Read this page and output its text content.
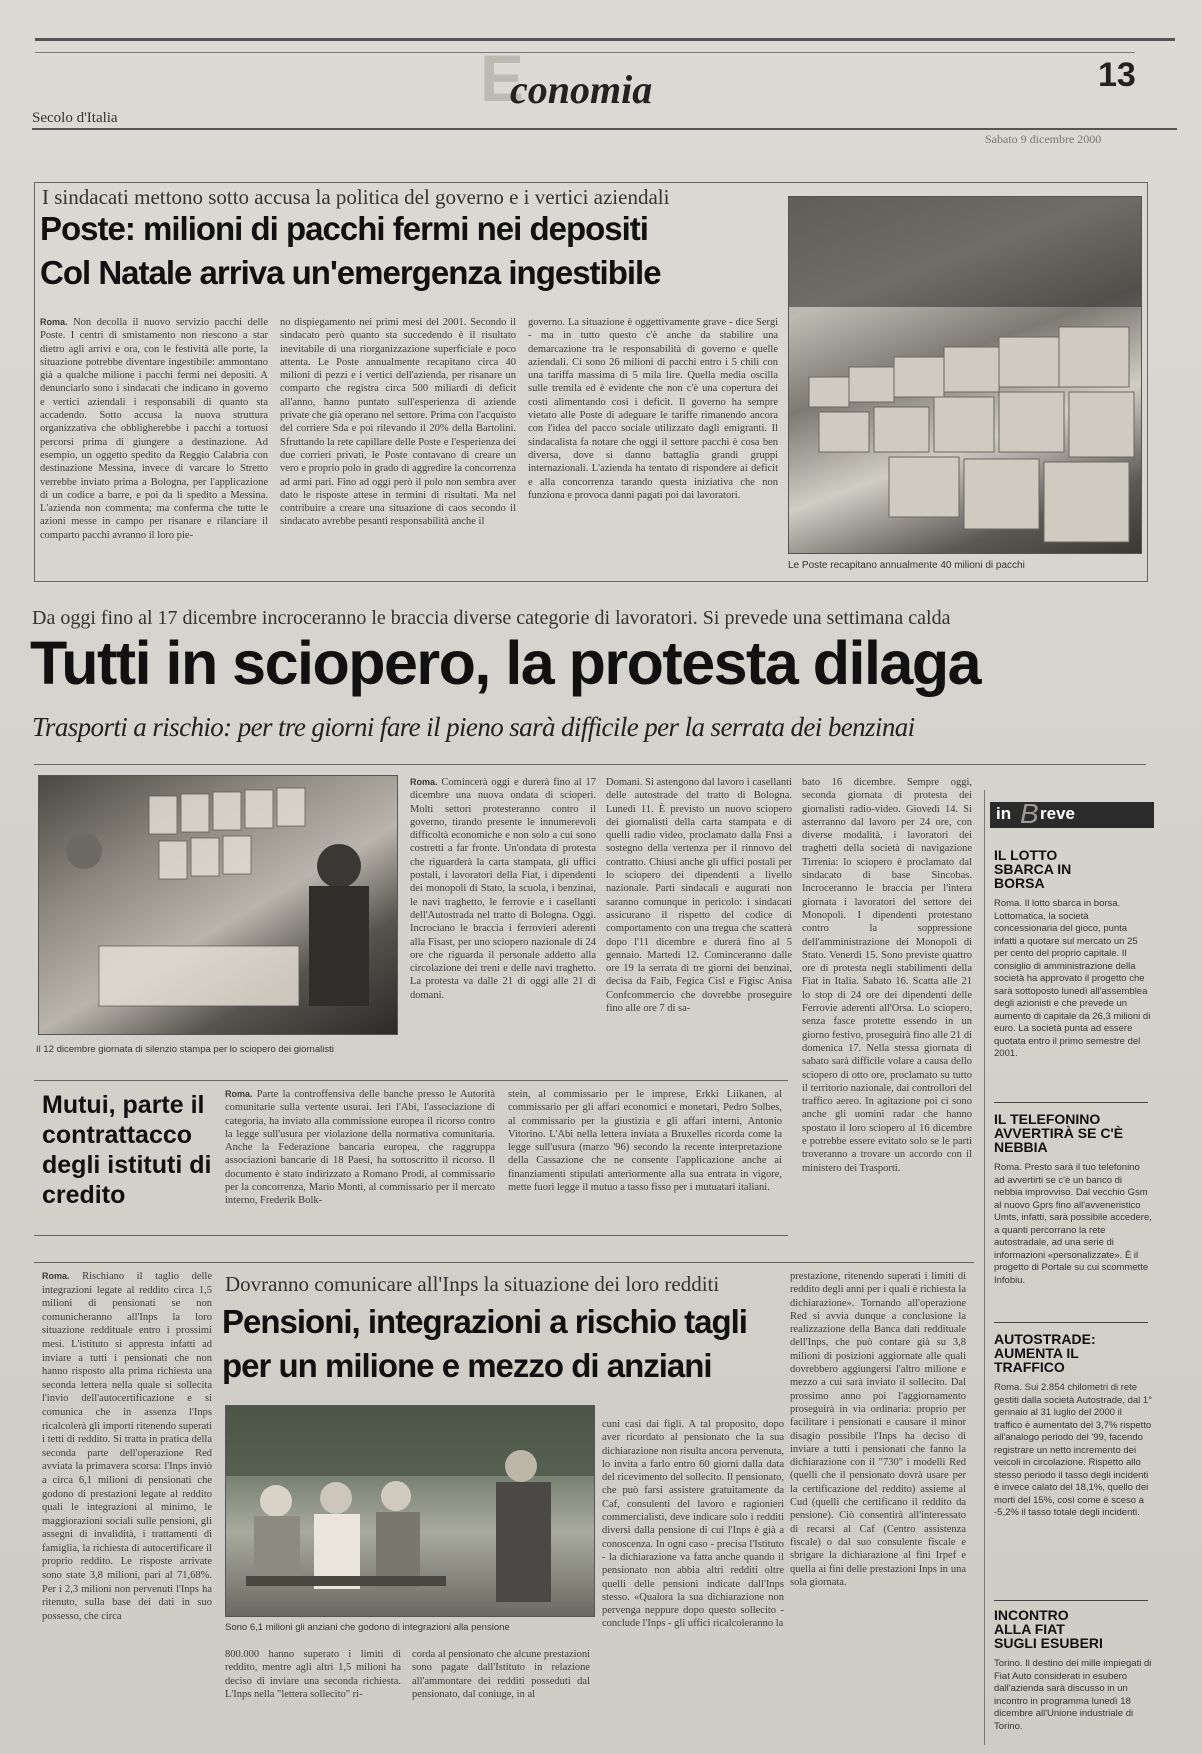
Economia	13
Secolo d'Italia
Sabato 9 dicembre 2000
I sindacati mettono sotto accusa la politica del governo e i vertici aziendali
Poste: milioni di pacchi fermi nei depositi
Col Natale arriva un'emergenza ingestibile
Roma. Non decolla il nuovo servizio pacchi delle Poste. I centri di smistamento non riescono a star dietro agli arrivi e ora, con le festività alle porte, la situazione potrebbe diventare ingestibile: ammontano già a qualche milione i pacchi fermi nei depositi. A denunciarlo sono i sindacati che indicano in governo e vertici aziendali i responsabili di quanto sta accadendo. Sotto accusa la nuova struttura organizzativa che obbligherebbe i pacchi a tortuosi percorsi prima di giungere a destinazione. Ad esempio, un oggetto spedito da Reggio Calabria con destinazione Messina, invece di varcare lo Stretto verrebbe inviato prima a Bologna, per l'applicazione di un codice a barre, e poi da lì spedito a Messina. L'azienda non commenta; ma conferma che tutte le azioni messe in campo per risanare e rilanciare il comparto pacchi avranno il loro pie-
no dispiegamento nei primi mesi del 2001. Secondo il sindacato però quanto sta succedendo è il risultato inevitabile di una riorganizzazione superficiale e poco attenta. Le Poste annualmente recapitano circa 40 milioni di pezzi e i vertici dell'azienda, per risanare un comparto che registra circa 500 miliardi di deficit all'anno, hanno puntato sull'esperienza di aziende private che già operano nel settore. Prima con l'acquisto del corriere Sda e poi rilevando il 20% della Bartolini. Sfruttando la rete capillare delle Poste e l'esperienza dei due corrieri privati, le Poste contavano di creare un vero e proprio polo in grado di aggredire la concorrenza ad armi pari. Fino ad oggi però il polo non sembra aver dato le risposte attese in termini di risultati. Ma nel contribuire a creare una situazione di caos secondo il sindacato avrebbe pesanti responsabilità anche il
governo. La situazione è oggettivamente grave - dice Sergi - ma in tutto questo c'è anche da stabilire una demarcazione tra le responsabilità di governo e quelle aziendali. Ci sono 26 milioni di pacchi entro i 5 chili con una tariffa massima di 5 mila lire. Quella media oscilla sulle tremila ed è evidente che non c'è una copertura dei costi alimentando così i deficit. Il governo ha sempre vietato alle Poste di adeguare le tariffe rimanendo ancora con l'idea del pacco sociale utilizzato dagli emigranti. Il sindacalista fa notare che oggi il settore pacchi è cosa ben diversa, dove si danno battaglia grandi gruppi internazionali. L'azienda ha tentato di rispondere ai deficit e alla concorrenza tarando questa iniziativa che non funziona e provoca danni pagati poi dai lavoratori.
Le Poste recapitano annualmente 40 milioni di pacchi
Da oggi fino al 17 dicembre incroceranno le braccia diverse categorie di lavoratori. Si prevede una settimana calda
Tutti in sciopero, la protesta dilaga
Trasporti a rischio: per tre giorni fare il pieno sarà difficile per la serrata dei benzinai
Il 12 dicembre giornata di silenzio stampa per lo sciopero dei giornalisti
Roma. Comincerà oggi e durerà fino al 17 dicembre una nuova ondata di scioperi. Molti settori protesteranno contro il governo, tirando presente le innumerevoli difficoltà economiche e non solo a cui sono costretti a far fronte. Un'ondata di protesta che riguarderà la carta stampata, gli uffici postali, i lavoratori della Fiat, i dipendenti dei monopoli di Stato, la scuola, i benzinai, le navi traghetto, le ferrovie e i casellanti dell'Autostrada nel tratto di Bologna. Oggi. Incrociano le braccia i ferrovieri aderenti alla Fisast, per uno sciopero nazionale di 24 ore che riguarda il personale addetto alla circolazione dei treni e delle navi traghetto. La protesta va dalle 21 di oggi alle 21 di domani.
Domani. Si astengono dal lavoro i casellanti delle autostrade del tratto di Bologna. Lunedì 11. È previsto un nuovo sciopero dei giornalisti della carta stampata e di quelli radio video, proclamato dalla Fnsi a sostegno della vertenza per il rinnovo del contratto. Chiusi anche gli uffici postali per lo sciopero dei dipendenti a livello nazionale. Parti sindacali e augurati non saranno comunque in pericolo: i sindacati assicurano il rispetto del codice di comportamento con una tregua che scatterà dopo l'11 dicembre e durerà fino al 5 gennaio. Martedì 12. Cominceranno dalle ore 19 la serrata di tre giorni dei benzinai, decisa da Faib, Fegica Cisl e Figisc Anisa Confcommercio che dovrebbe proseguire fino alle ore 7 di sa-
bato 16 dicembre. Sempre oggi, seconda giornata di protesta dei giornalisti radio-video. Giovedì 14. Si asterranno dal lavoro per 24 ore, con diverse modalità, i lavoratori dei traghetti della società di navigazione Tirrenia: lo sciopero è proclamato dal sindacato di base Sincobas. Incroceranno le braccia per l'intera giornata i lavoratori del settore dei Monopoli. I dipendenti protestano contro la soppressione dell'amministrazione dei Monopoli di Stato. Venerdì 15. Sono previste quattro ore di protesta negli stabilimenti della Fiat in Italia. Sabato 16. Scatta alle 21 lo stop di 24 ore dei dipendenti delle Ferrovie aderenti all'Orsa. Lo sciopero, senza fasce protette essendo in un giorno festivo, proseguirà fino alle 21 di domenica 17. Nella stessa giornata di sabato sarà difficile volare a causa dello sciopero di otto ore, proclamato su tutto il territorio nazionale, dai controllori del traffico aereo. In agitazione poi ci sono anche gli uomini radar che hanno spostato il loro sciopero al 16 dicembre e potrebbe essere evitato solo se le parti troveranno a trovare un accordo con il ministero dei Trasporti.
Mutui, parte il contrattacco degli istituti di credito
Roma. Parte la controffensiva delle banche presso le Autorità comunitarie sulla vertente usurai. Ieri l'Abi, l'associazione di categoria, ha inviato alla commissione europea il ricorso contro la legge sull'usura per violazione della normativa comunitaria. Anche la Federazione bancaria europea, che raggruppa associazioni bancarie di 18 Paesi, ha sottoscritto il ricorso. Il documento è stato indirizzato a Romano Prodi, al commissario per la concorrenza, Mario Monti, al commissario per il mercato interno, Frederik Bolk-
stein, al commissario per le imprese, Erkki Liikanen, al commissario per gli affari economici e monetari, Pedro Solbes, al commissario per la giustizia e gli affari interni, Antonio Vitorino. L'Abi nella lettera inviata a Bruxelles ricorda come la legge sull'usura (marzo '96) secondo la recente interpretazione della Cassazione che ne consente l'applicazione anche ai finanziamenti stipulati anteriormente alla sua entrata in vigore, mette fuori legge il mutuo a tasso fisso per i mutuatari italiani.
Roma. Rischiano il taglio delle integrazioni legate al reddito circa 1,5 milioni di pensionati se non comunicheranno all'Inps la loro situazione reddituale entro i prossimi mesi. L'istituto si appresta infatti ad inviare a tutti i pensionati che non hanno risposto alla prima richiesta una seconda lettera nella quale si sollecita l'invio dell'autocertificazione e si comunica che in assenza l'Inps ricalcolerà gli importi ritenendo superati i tetti di reddito. Si tratta in pratica della seconda parte dell'operazione Red avviata la primavera scorsa: l'Inps inviò a circa 6,1 milioni di pensionati che godono di prestazioni legate al reddito quali le integrazioni al minimo, le maggiorazioni sociali sulle pensioni, gli assegni di invalidità, i trattamenti di famiglia, la richiesta di autocertificare il proprio reddito. Le risposte arrivate sono state 3,8 milioni, pari al 71,68%. Per i 2,3 milioni non pervenuti l'Inps ha ritenuto, sulla base dei dati in suo possesso, che circa
Dovranno comunicare all'Inps la situazione dei loro redditi
Pensioni, integrazioni a rischio tagli per un milione e mezzo di anziani
Sono 6,1 milioni gli anziani che godono di integrazioni alla pensione
800.000 hanno superato i limiti di reddito, mentre agli altri 1,5 milioni ha deciso di inviare una seconda richiesta. L'Inps nella "lettera sollecito" ri-
corda al pensionato che alcune prestazioni sono pagate dall'Istituto in relazione all'ammontare dei redditi posseduti dal pensionato, dal coniuge, in al
cuni casi dai figli. A tal proposito, dopo aver ricordato al pensionato che la sua dichiarazione non risulta ancora pervenuta, lo invita a farlo entro 60 giorni dalla data del ricevimento del sollecito. Il pensionato, che può farsi assistere gratuitamente da Caf, consulenti del lavoro e ragionieri commercialisti, deve indicare solo i redditi diversi dalla pensione di cui l'Inps è già a conoscenza. In ogni caso - precisa l'Istituto - la dichiarazione va fatta anche quando il pensionato non abbia altri redditi oltre quelli delle pensioni indicate dall'Inps stesso. «Qualora la sua dichiarazione non pervenga neppure dopo questo sollecito - conclude l'Inps - gli uffici ricalcoleranno la
prestazione, ritenendo superati i limiti di reddito degli anni per i quali è richiesta la dichiarazione». Tornando all'operazione Red si avvia dunque a conclusione la realizzazione della Banca dati reddituale dell'Inps, che può contare già su 3,8 milioni di posizioni aggiornate alle quali dovrebbero aggiungersi l'altro milione e mezzo a cui sarà inviato il sollecito. Dal prossimo anno poi l'aggiornamento proseguirà in via ordinaria: proprio per facilitare i pensionati e causare il minor disagio possibile l'Inps ha deciso di inviare a tutti i pensionati che fanno la dichiarazione con il "730" i modelli Red (quelli che il pensionato dovrà usare per la certificazione del reddito) assieme al Cud (quelli che certificano il reddito da pensione). Ciò consentirà all'interessato di recarsi al Caf (Centro assistenza fiscale) o dal suo consulente fiscale e sbrigare la dichiarazione al fini Irpef e quella ai fini delle prestazioni Inps in una sola giornata.
in B reve
IL LOTTO SBARCA IN BORSA
Roma. Il lotto sbarca in borsa. Lottomatica, la società concessionaria del gioco, punta infatti a quotare sul mercato un 25 per cento del proprio capitale. Il consiglio di amministrazione della società ha approvato il progetto che sarà sottoposto lunedì all'assemblea degli azionisti e che prevede un aumento di capitale da 26,3 milioni di euro. La società punta ad essere quotata entro il primo semestre del 2001.
IL TELEFONINO AVVERTIRÀ SE C'È NEBBIA
Roma. Presto sarà il tuo telefonino ad avvertirti se c'è un banco di nebbia improvviso. Dal vecchio Gsm al nuovo Gprs fino all'avveneristico Umts, infatti, sarà possibile accedere, a quanti percorrano la rete autostradale, ad una serie di informazioni «personalizzate». È il progetto di Portale su cui scommette Infobiu.
AUTOSTRADE: AUMENTA IL TRAFFICO
Roma. Sui 2.854 chilometri di rete gestiti dalla società Autostrade, dal 1° gennaio al 31 luglio del 2000 il traffico è aumentato del 3,7% rispetto all'analogo periodo del '99, facendo registrare un netto incremento dei veicoli in circolazione. Rispetto allo stesso periodo il tasso degli incidenti è invece calato del 18,1%, quello dei morti del 15%, così come è sceso a -5,2% il tasso totale degli incidenti.
INCONTRO ALLA FIAT SUGLI ESUBERI
Torino. Il destino dei mille impiegati di Fiat Auto considerati in esubero dall'azienda sarà discusso in un incontro in programma lunedì 18 dicembre all'Unione industriale di Torino.
